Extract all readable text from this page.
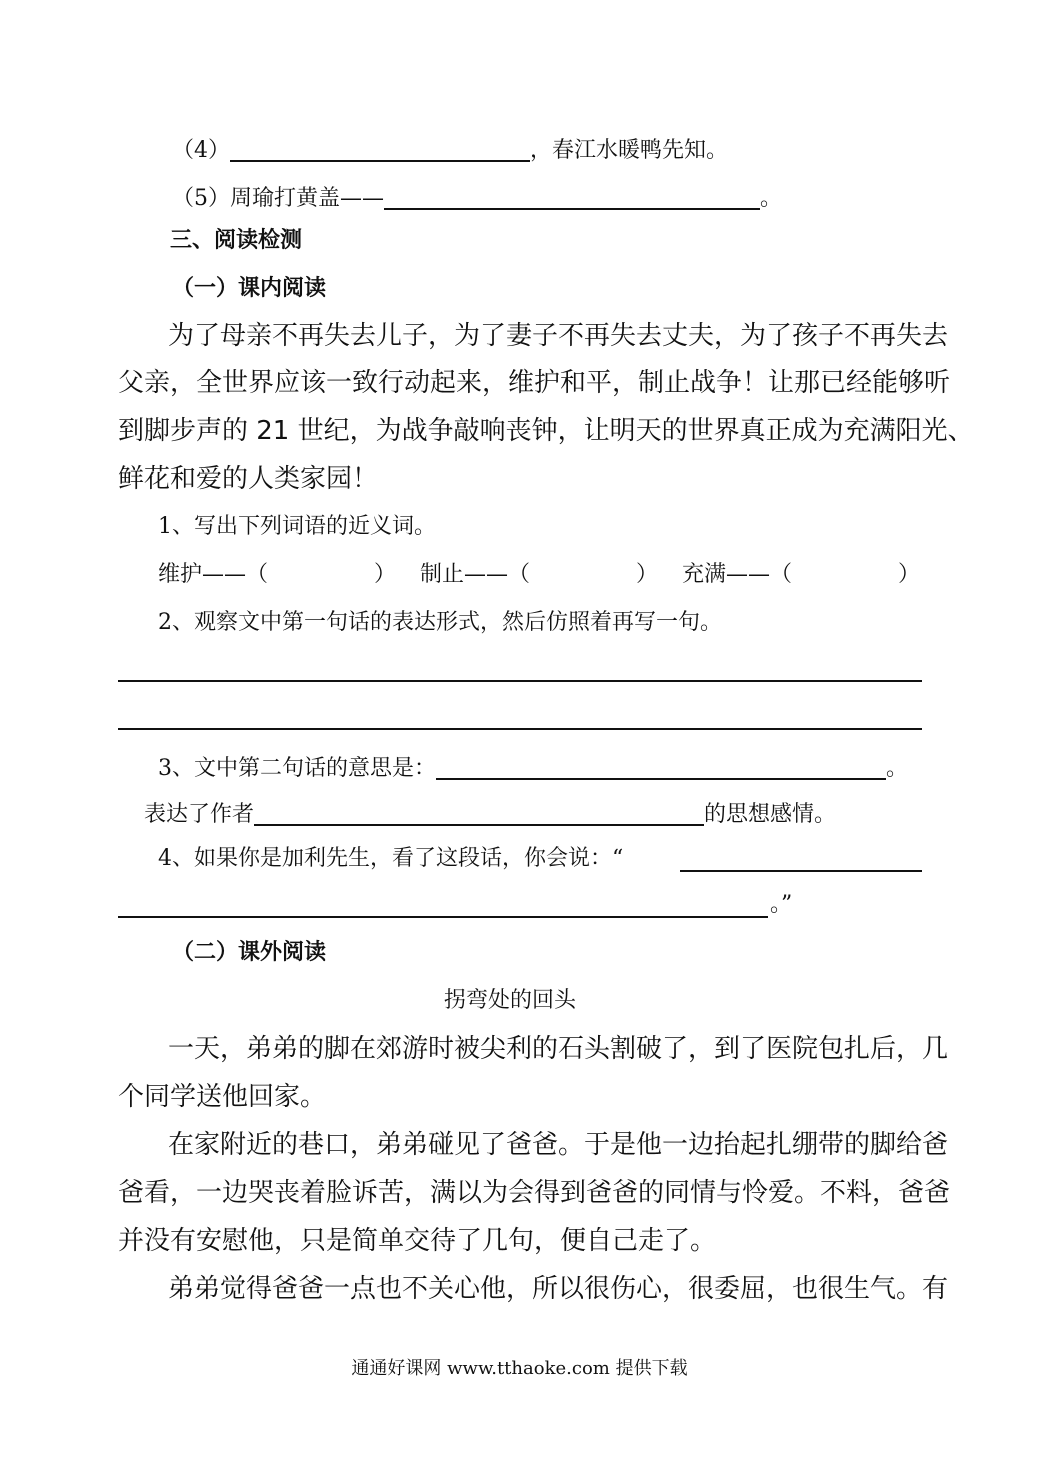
（4）	，春江水暖鸭先知。
（5）周瑜打黄盖——	。
三、阅读检测
（一）课内阅读
为了母亲不再失去儿子，为了妻子不再失去丈夫，为了孩子不再失去
父亲，全世界应该一致行动起来，维护和平，制止战争！让那已经能够听
到脚步声的 21 世纪，为战争敲响丧钟，让明天的世界真正成为充满阳光、
鲜花和爱的人类家园！
1、写出下列词语的近义词。
维护——（	） 制止——（	） 充满——（	）
2、观察文中第一句话的表达形式，然后仿照着再写一句。
3、文中第二句话的意思是：	。
表达了作者	的思想感情。
4、如果你是加利先生，看了这段话，你会说：“
。”
（二）课外阅读
拐弯处的回头
一天，弟弟的脚在郊游时被尖利的石头割破了，到了医院包扎后，几
个同学送他回家。
在家附近的巷口，弟弟碰见了爸爸。于是他一边抬起扎绷带的脚给爸
爸看，一边哭丧着脸诉苦，满以为会得到爸爸的同情与怜爱。不料，爸爸
并没有安慰他，只是简单交待了几句，便自己走了。
弟弟觉得爸爸一点也不关心他，所以很伤心，很委屈，也很生气。有
通通好课网 www.tthaoke.com 提供下载
